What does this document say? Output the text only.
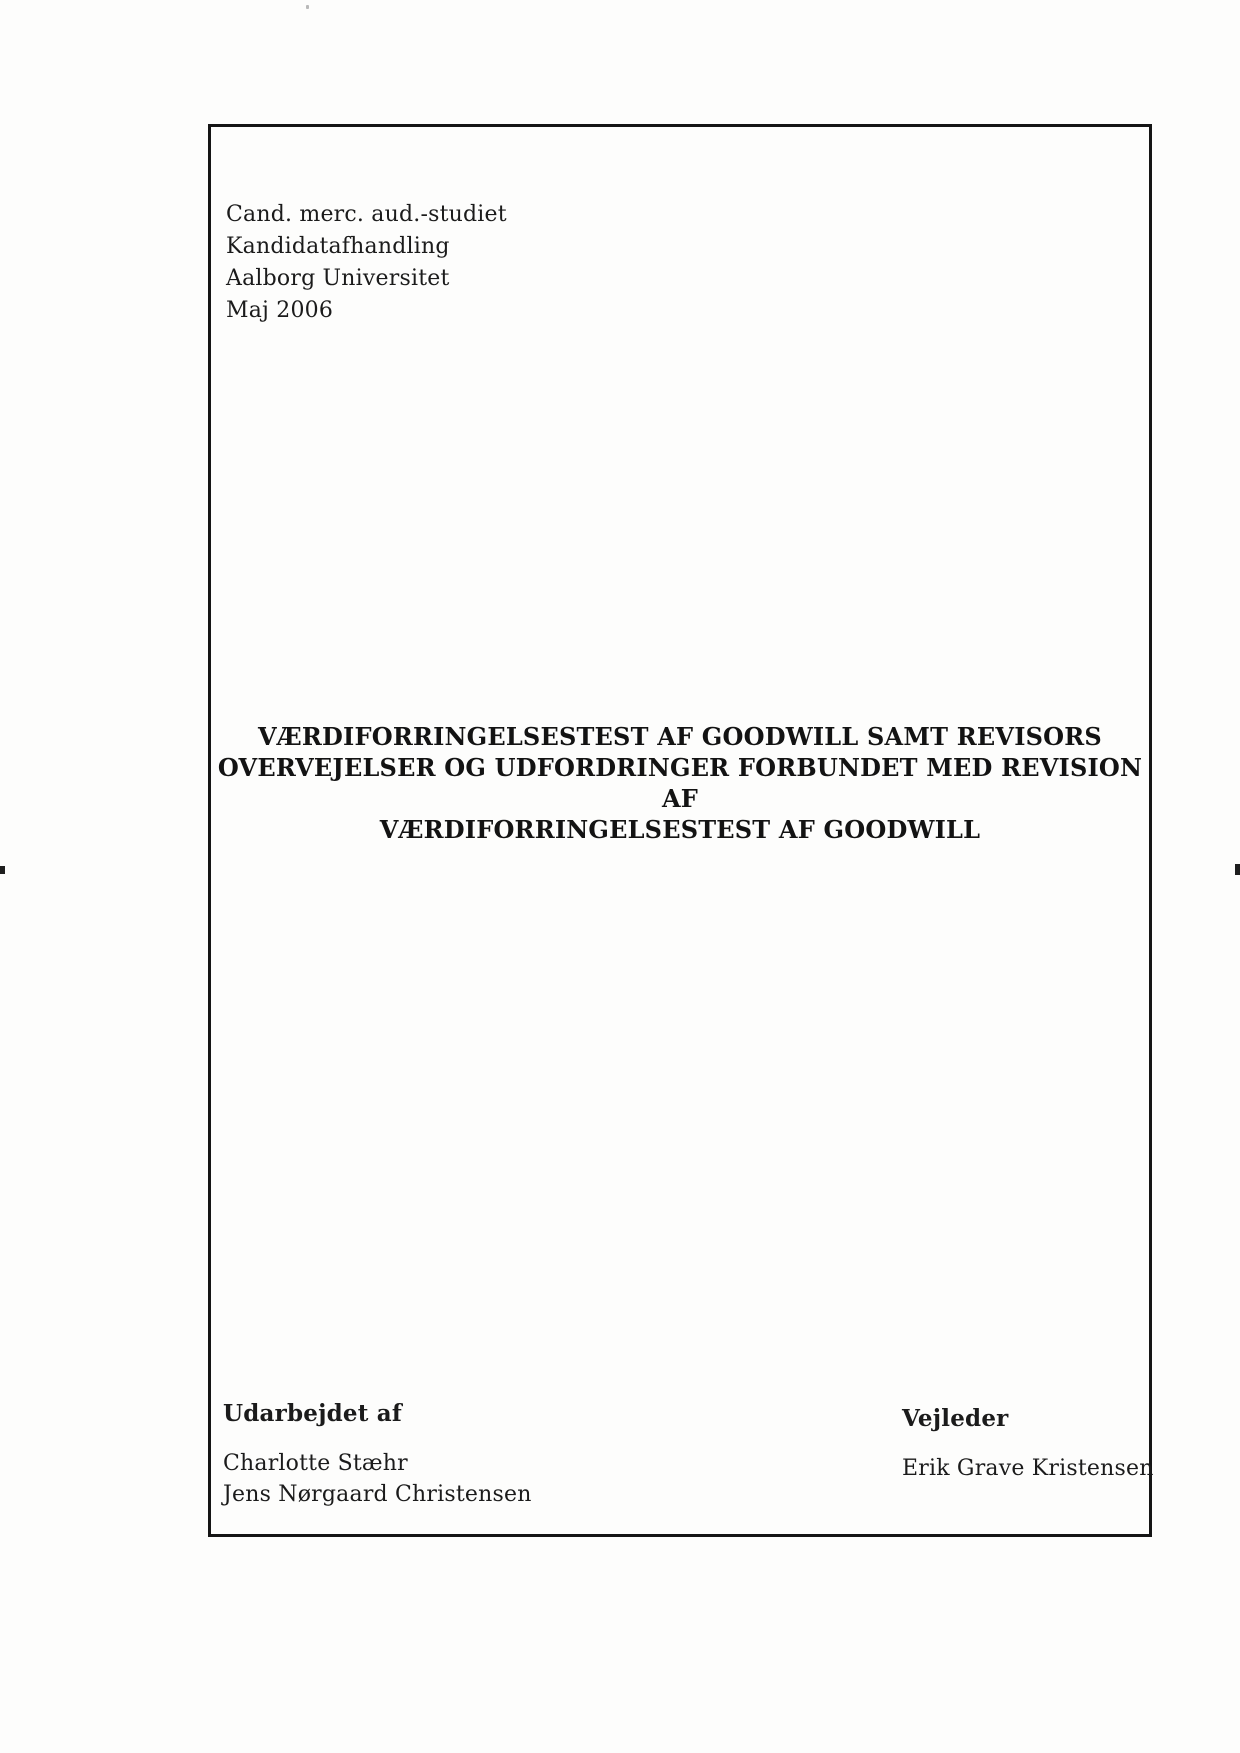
Cand. merc. aud.-studiet
Kandidatafhandling
Aalborg Universitet
Maj 2006
VÆRDIFORRINGELSESTEST AF GOODWILL SAMT REVISORS
OVERVEJELSER OG UDFORDRINGER FORBUNDET MED REVISION AF
VÆRDIFORRINGELSESTEST AF GOODWILL
Udarbejdet af
Charlotte Stæhr
Jens Nørgaard Christensen
Vejleder
Erik Grave Kristensen
